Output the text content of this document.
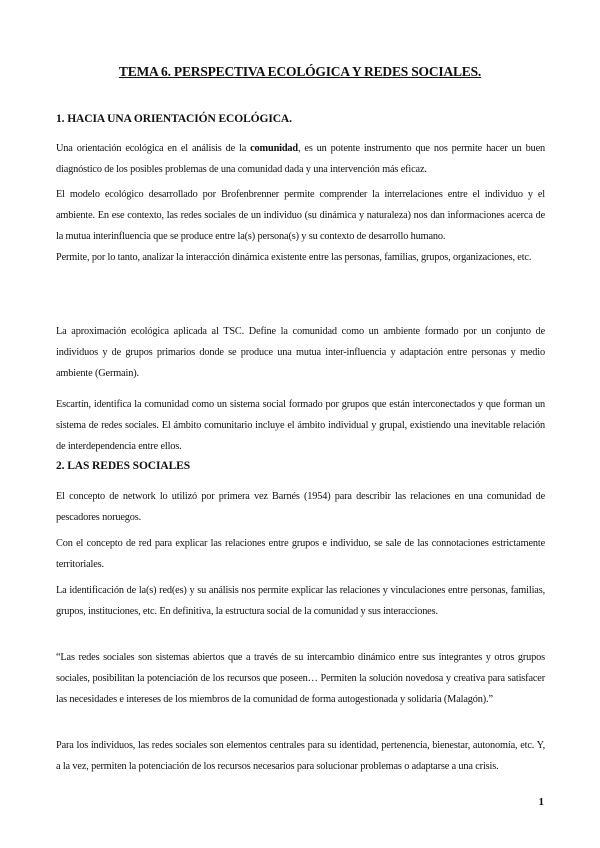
TEMA 6. PERSPECTIVA ECOLÓGICA Y REDES SOCIALES.
1. HACIA UNA ORIENTACIÓN ECOLÓGICA.

Una orientación ecológica en el análisis de la comunidad, es un potente instrumento que nos permite hacer un buen diagnóstico de los posibles problemas de una comunidad dada y una intervención más eficaz.

El modelo ecológico desarrollado por Brofenbrenner permite comprender la interrelaciones entre el individuo y el ambiente. En ese contexto, las redes sociales de un individuo (su dinámica y naturaleza) nos dan informaciones acerca de la mutua interinfluencia que se produce entre la(s) persona(s) y su contexto de desarrollo humano.

Permite, por lo tanto, analizar la interacción dinámica existente entre las personas, familias, grupos, organizaciones, etc.

La aproximación ecológica aplicada al TSC. Define la comunidad como un ambiente formado por un conjunto de individuos y de grupos primarios donde se produce una mutua inter-influencia y adaptación entre personas y medio ambiente (Germain).

Escartín, identifica la comunidad como un sistema social formado por grupos que están interconectados y que forman un sistema de redes sociales. El ámbito comunitario incluye el ámbito individual y grupal, existiendo una inevitable relación de interdependencia entre ellos.

2. LAS REDES SOCIALES

El concepto de network lo utilizó por primera vez Barnés (1954) para describir las relaciones en una comunidad de pescadores noruegos.

Con el concepto de red para explicar las relaciones entre grupos e individuo, se sale de las connotaciones estrictamente territoriales.

La identificación de la(s) red(es) y su análisis nos permite explicar las relaciones y vinculaciones entre personas, familias, grupos, instituciones, etc. En definitiva, la estructura social de la comunidad y sus interacciones.

“Las redes sociales son sistemas abiertos que a través de su intercambio dinámico entre sus integrantes y otros grupos sociales, posibilitan la potenciación de los recursos que poseen… Permiten la solución novedosa y creativa para satisfacer las necesidades e intereses de los miembros de la comunidad de forma autogestionada y solidaria (Malagón).”

Para los individuos, las redes sociales son elementos centrales para su identidad, pertenencia, bienestar, autonomía, etc. Y, a la vez, permiten la potenciación de los recursos necesarios para solucionar problemas o adaptarse a una crisis.

1
